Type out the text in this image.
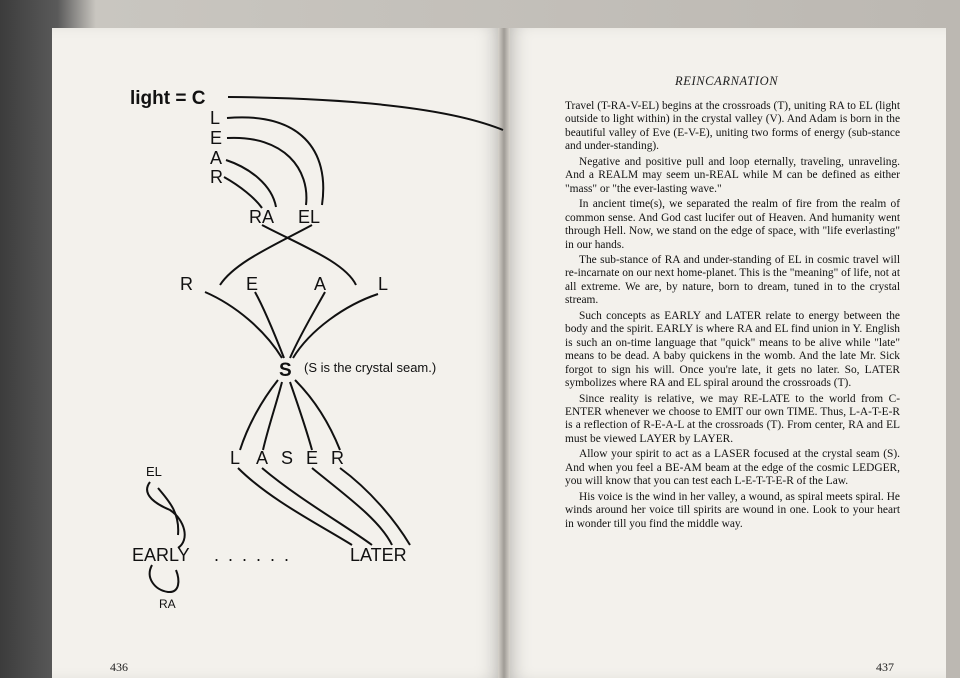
light = C
L
E
A
R
RA EL
R	E	A	L
S (S is the crystal seam.)
L A S E R
EL
EARLY . . . . . .	LATER
RA
436
REINCARNATION

Travel (T-RA-V-EL) begins at the crossroads (T), uniting RA to EL (light outside to light within) in the crystal valley (V). And Adam is born in the beautiful valley of Eve (E-V-E), uniting two forms of energy (sub-stance and under-standing).

Negative and positive pull and loop eternally, traveling, unraveling. And a REALM may seem un-REAL while M can be defined as either "mass" or "the ever-lasting wave."

In ancient time(s), we separated the realm of fire from the realm of common sense. And God cast lucifer out of Heaven. And humanity went through Hell. Now, we stand on the edge of space, with "life everlasting" in our hands.

The sub-stance of RA and under-standing of EL in cosmic travel will re-incarnate on our next home-planet. This is the "meaning" of life, not at all extreme. We are, by nature, born to dream, tuned in to the crystal stream.

Such concepts as EARLY and LATER relate to energy between the body and the spirit. EARLY is where RA and EL find union in Y. English is such an on-time language that "quick" means to be alive while "late" means to be dead. A baby quickens in the womb. And the late Mr. Sick forgot to sign his will. Once you're late, it gets no later. So, LATER symbolizes where RA and EL spiral around the crossroads (T).

Since reality is relative, we may RE-LATE to the world from C-ENTER whenever we choose to EMIT our own TIME. Thus, L-A-T-E-R is a reflection of R-E-A-L at the crossroads (T). From center, RA and EL must be viewed LAYER by LAYER.

Allow your spirit to act as a LASER focused at the crystal seam (S). And when you feel a BE-AM beam at the edge of the cosmic LEDGER, you will know that you can test each L-E-T-T-E-R of the Law.

His voice is the wind in her valley, a wound, as spiral meets spiral. He winds around her voice till spirits are wound in one. Look to your heart in wonder till you find the middle way.

437
